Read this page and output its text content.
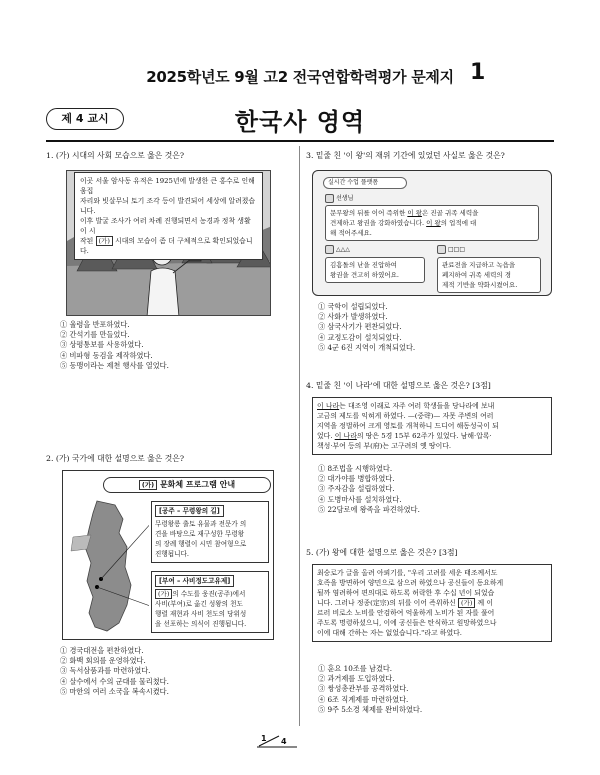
2025학년도 9월 고2 전국연합학력평가 문제지 1
제 4 교시	한국사 영역
1. (가) 시대의 사회 모습으로 옳은 것은?
이곳 서울 암사동 유적은 1925년에 발생한 큰 홍수로 인해 움집
자리와 빗살무늬 토기 조각 등이 발견되어 세상에 알려졌습니다.
이후 발굴 조사가 여러 차례 진행되면서 농경과 정착 생활이 시
작된 (가) 시대의 모습이 좀 더 구체적으로 확인되었습니다.
① 율령을 반포하였다.
② 간석기를 만들었다.
③ 상평통보를 사용하였다.
④ 비파형 동검을 제작하였다.
⑤ 동맹이라는 제천 행사를 열었다.
2. (가) 국가에 대한 설명으로 옳은 것은?
(가) 문화체 프로그램 안내
[공주 – 무령왕의 길]
무령왕릉 출토 유물과 전문가 의
견을 바탕으로 재구성한 무령왕
의 장례 행렬이 시민 참여형으로
진행됩니다.
[부여 – 사비정도고유제]
(가) 의 수도를 웅진(공주)에서
사비(부여)로 옮긴 성왕의 천도
행렬 재현과 사비 천도의 당위성
을 선포하는 의식이 진행됩니다.
① 경국대전을 편찬하였다.
② 화백 회의를 운영하였다.
③ 독서삼품과를 마련하였다.
④ 살수에서 수의 군대를 물리쳤다.
⑤ 마한의 여러 소국을 복속시켰다.
3. 밑줄 친 '이 왕'의 재위 기간에 있었던 사실로 옳은 것은?
실시간 수업 플랫폼
선생님
문무왕의 뒤를 이어 즉위한 이 왕은 진골 귀족 세력을
견제하고 왕권을 강화하였습니다. 이 왕의 업적에 대
해 적어주세요.
△△△
김흠돌의 난을 진압하여
왕권을 견고히 하였어요.
□□□
관료전을 지급하고 녹읍을
폐지하여 귀족 세력의 경
제적 기반을 약화시켰어요.
① 국학이 설립되었다.
② 사화가 발생하였다.
③ 삼국사기가 편찬되었다.
④ 교정도감이 설치되었다.
⑤ 4군 6진 지역이 개척되었다.
4. 밑줄 친 '이 나라'에 대한 설명으로 옳은 것은? [3점]
이 나라는 대조영 이래로 자주 여러 학생들을 당나라에 보내
고금의 제도를 익혀게 하였다. —(중략)— 자못 주변의 여러
지역을 정벌하여 크게 영토를 개척하니 드디어 해동성국이 되
었다. 이 나라의 땅은 5경 15부 62주가 있었다. 남해·압록·
책성·부여 등의 부(府)는 고구려의 옛 땅이다.
① 8조법을 시행하였다.
② 대가야를 병합하였다.
③ 주자감을 설립하였다.
④ 도병마사를 설치하였다.
⑤ 22담로에 왕족을 파견하였다.
5. (가) 왕에 대한 설명으로 옳은 것은? [3점]
최승로가 글을 올려 아뢰기를, "우리 고려를 세운 태조께서도
호족을 방면하여 양민으로 삼으려 하였으나 공신들이 동요하게
될까 염려하여 편의대로 하도록 허락한 후 수십 년이 되었습
니다. 그러나 정종(定宗)의 뒤를 이어 즉위하신 (가) 께 이
르러 비로소 노비를 안검하여 억울하게 노비가 된 자를 풀어
주도록 명령하셨으니, 이에 공신들은 탄식하고 원망하였으나
이에 대해 간하는 자는 없었습니다."라고 하였다.
① 훈요 10조를 남겼다.
② 과거제를 도입하였다.
③ 쌍성총관부를 공격하였다.
④ 6조 직계제를 마련하였다.
⑤ 9주 5소경 체제를 완비하였다.
1 4
